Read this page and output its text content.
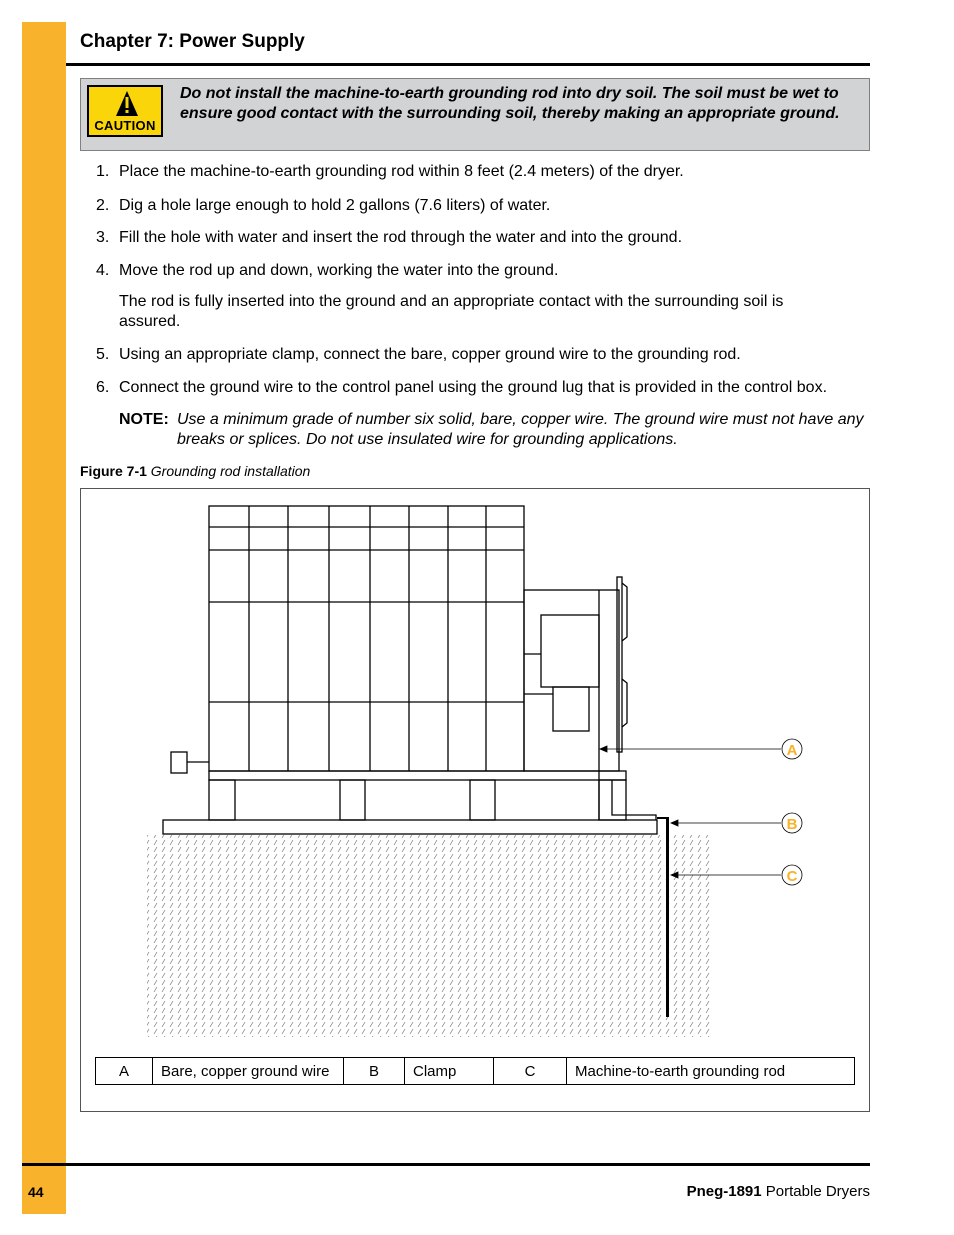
Chapter 7: Power Supply
CAUTION
Do not install the machine-to-earth grounding rod into dry soil. The soil must be wet to ensure good contact with the surrounding soil, thereby making an appropriate ground.
1. Place the machine-to-earth grounding rod within 8 feet (2.4 meters) of the dryer.
2. Dig a hole large enough to hold 2 gallons (7.6 liters) of water.
3. Fill the hole with water and insert the rod through the water and into the ground.
4. Move the rod up and down, working the water into the ground.
The rod is fully inserted into the ground and an appropriate contact with the surrounding soil is assured.
5. Using an appropriate clamp, connect the bare, copper ground wire to the grounding rod.
6. Connect the ground wire to the control panel using the ground lug that is provided in the control box.
NOTE: Use a minimum grade of number six solid, bare, copper wire. The ground wire must not have any breaks or splices. Do not use insulated wire for grounding applications.
Figure 7-1 Grounding rod installation
A
B
C
A	Bare, copper ground wire	B	Clamp	C	Machine-to-earth grounding rod
44	Pneg-1891 Portable Dryers
